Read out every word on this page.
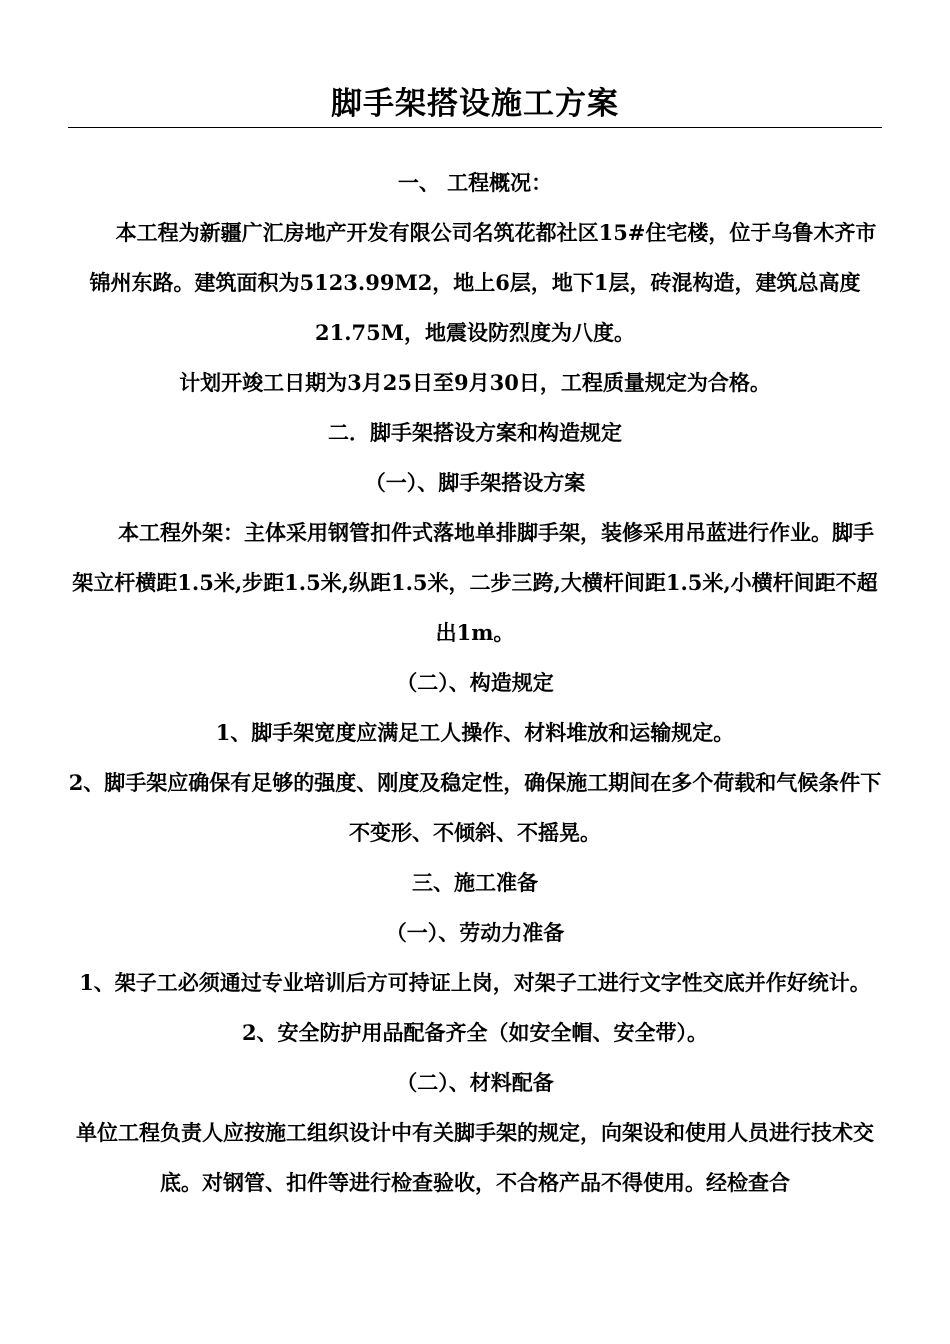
脚手架搭设施工方案

一、 工程概况：

本工程为新疆广汇房地产开发有限公司名筑花都社区15#住宅楼，位于乌鲁木齐市锦州东路。建筑面积为5123.99M2，地上6层，地下1层，砖混构造，建筑总高度21.75M，地震设防烈度为八度。

计划开竣工日期为3月25日至9月30日，工程质量规定为合格。

二．脚手架搭设方案和构造规定

（一）、脚手架搭设方案

本工程外架：主体采用钢管扣件式落地单排脚手架，装修采用吊蓝进行作业。脚手架立杆横距1.5米,步距1.5米,纵距1.5米，二步三跨,大横杆间距1.5米,小横杆间距不超出1m。

（二）、构造规定

1、脚手架宽度应满足工人操作、材料堆放和运输规定。

2、脚手架应确保有足够的强度、刚度及稳定性，确保施工期间在多个荷载和气候条件下不变形、不倾斜、不摇晃。

三、施工准备

（一）、劳动力准备

1、架子工必须通过专业培训后方可持证上岗，对架子工进行文字性交底并作好统计。

2、安全防护用品配备齐全（如安全帽、安全带）。

（二）、材料配备

单位工程负责人应按施工组织设计中有关脚手架的规定，向架设和使用人员进行技术交底。对钢管、扣件等进行检查验收，不合格产品不得使用。经检查合
